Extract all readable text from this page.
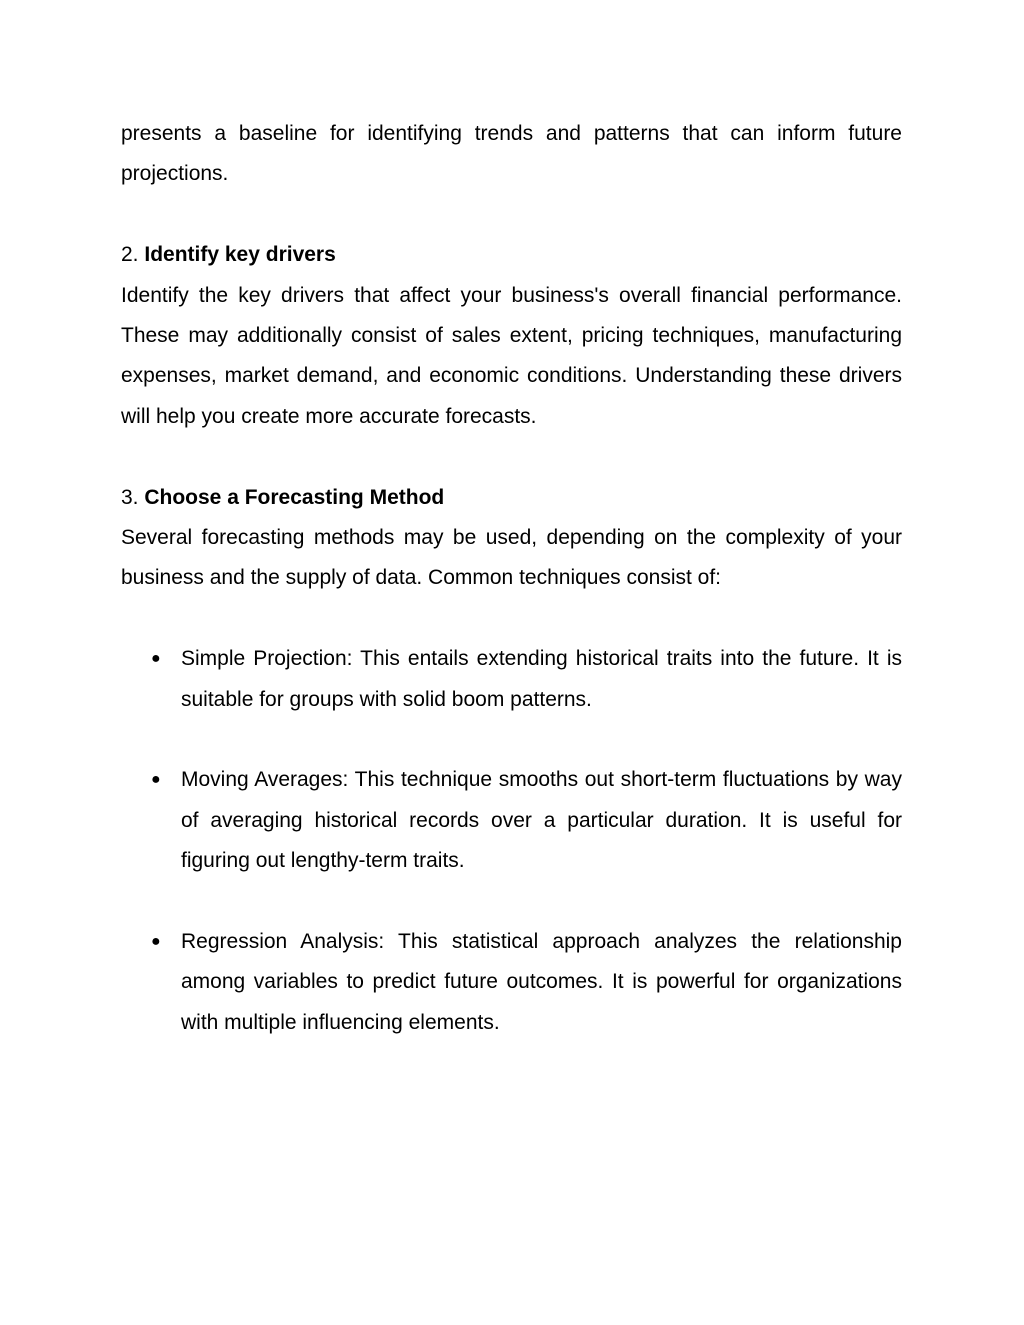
presents a baseline for identifying trends and patterns that can inform future projections.

2. Identify key drivers

Identify the key drivers that affect your business's overall financial performance. These may additionally consist of sales extent, pricing techniques, manufacturing expenses, market demand, and economic conditions. Understanding these drivers will help you create more accurate forecasts.

3. Choose a Forecasting Method

Several forecasting methods may be used, depending on the complexity of your business and the supply of data. Common techniques consist of:

● Simple Projection: This entails extending historical traits into the future. It is suitable for groups with solid boom patterns.
● Moving Averages: This technique smooths out short-term fluctuations by way of averaging historical records over a particular duration. It is useful for figuring out lengthy-term traits.
● Regression Analysis: This statistical approach analyzes the relationship among variables to predict future outcomes. It is powerful for organizations with multiple influencing elements.
